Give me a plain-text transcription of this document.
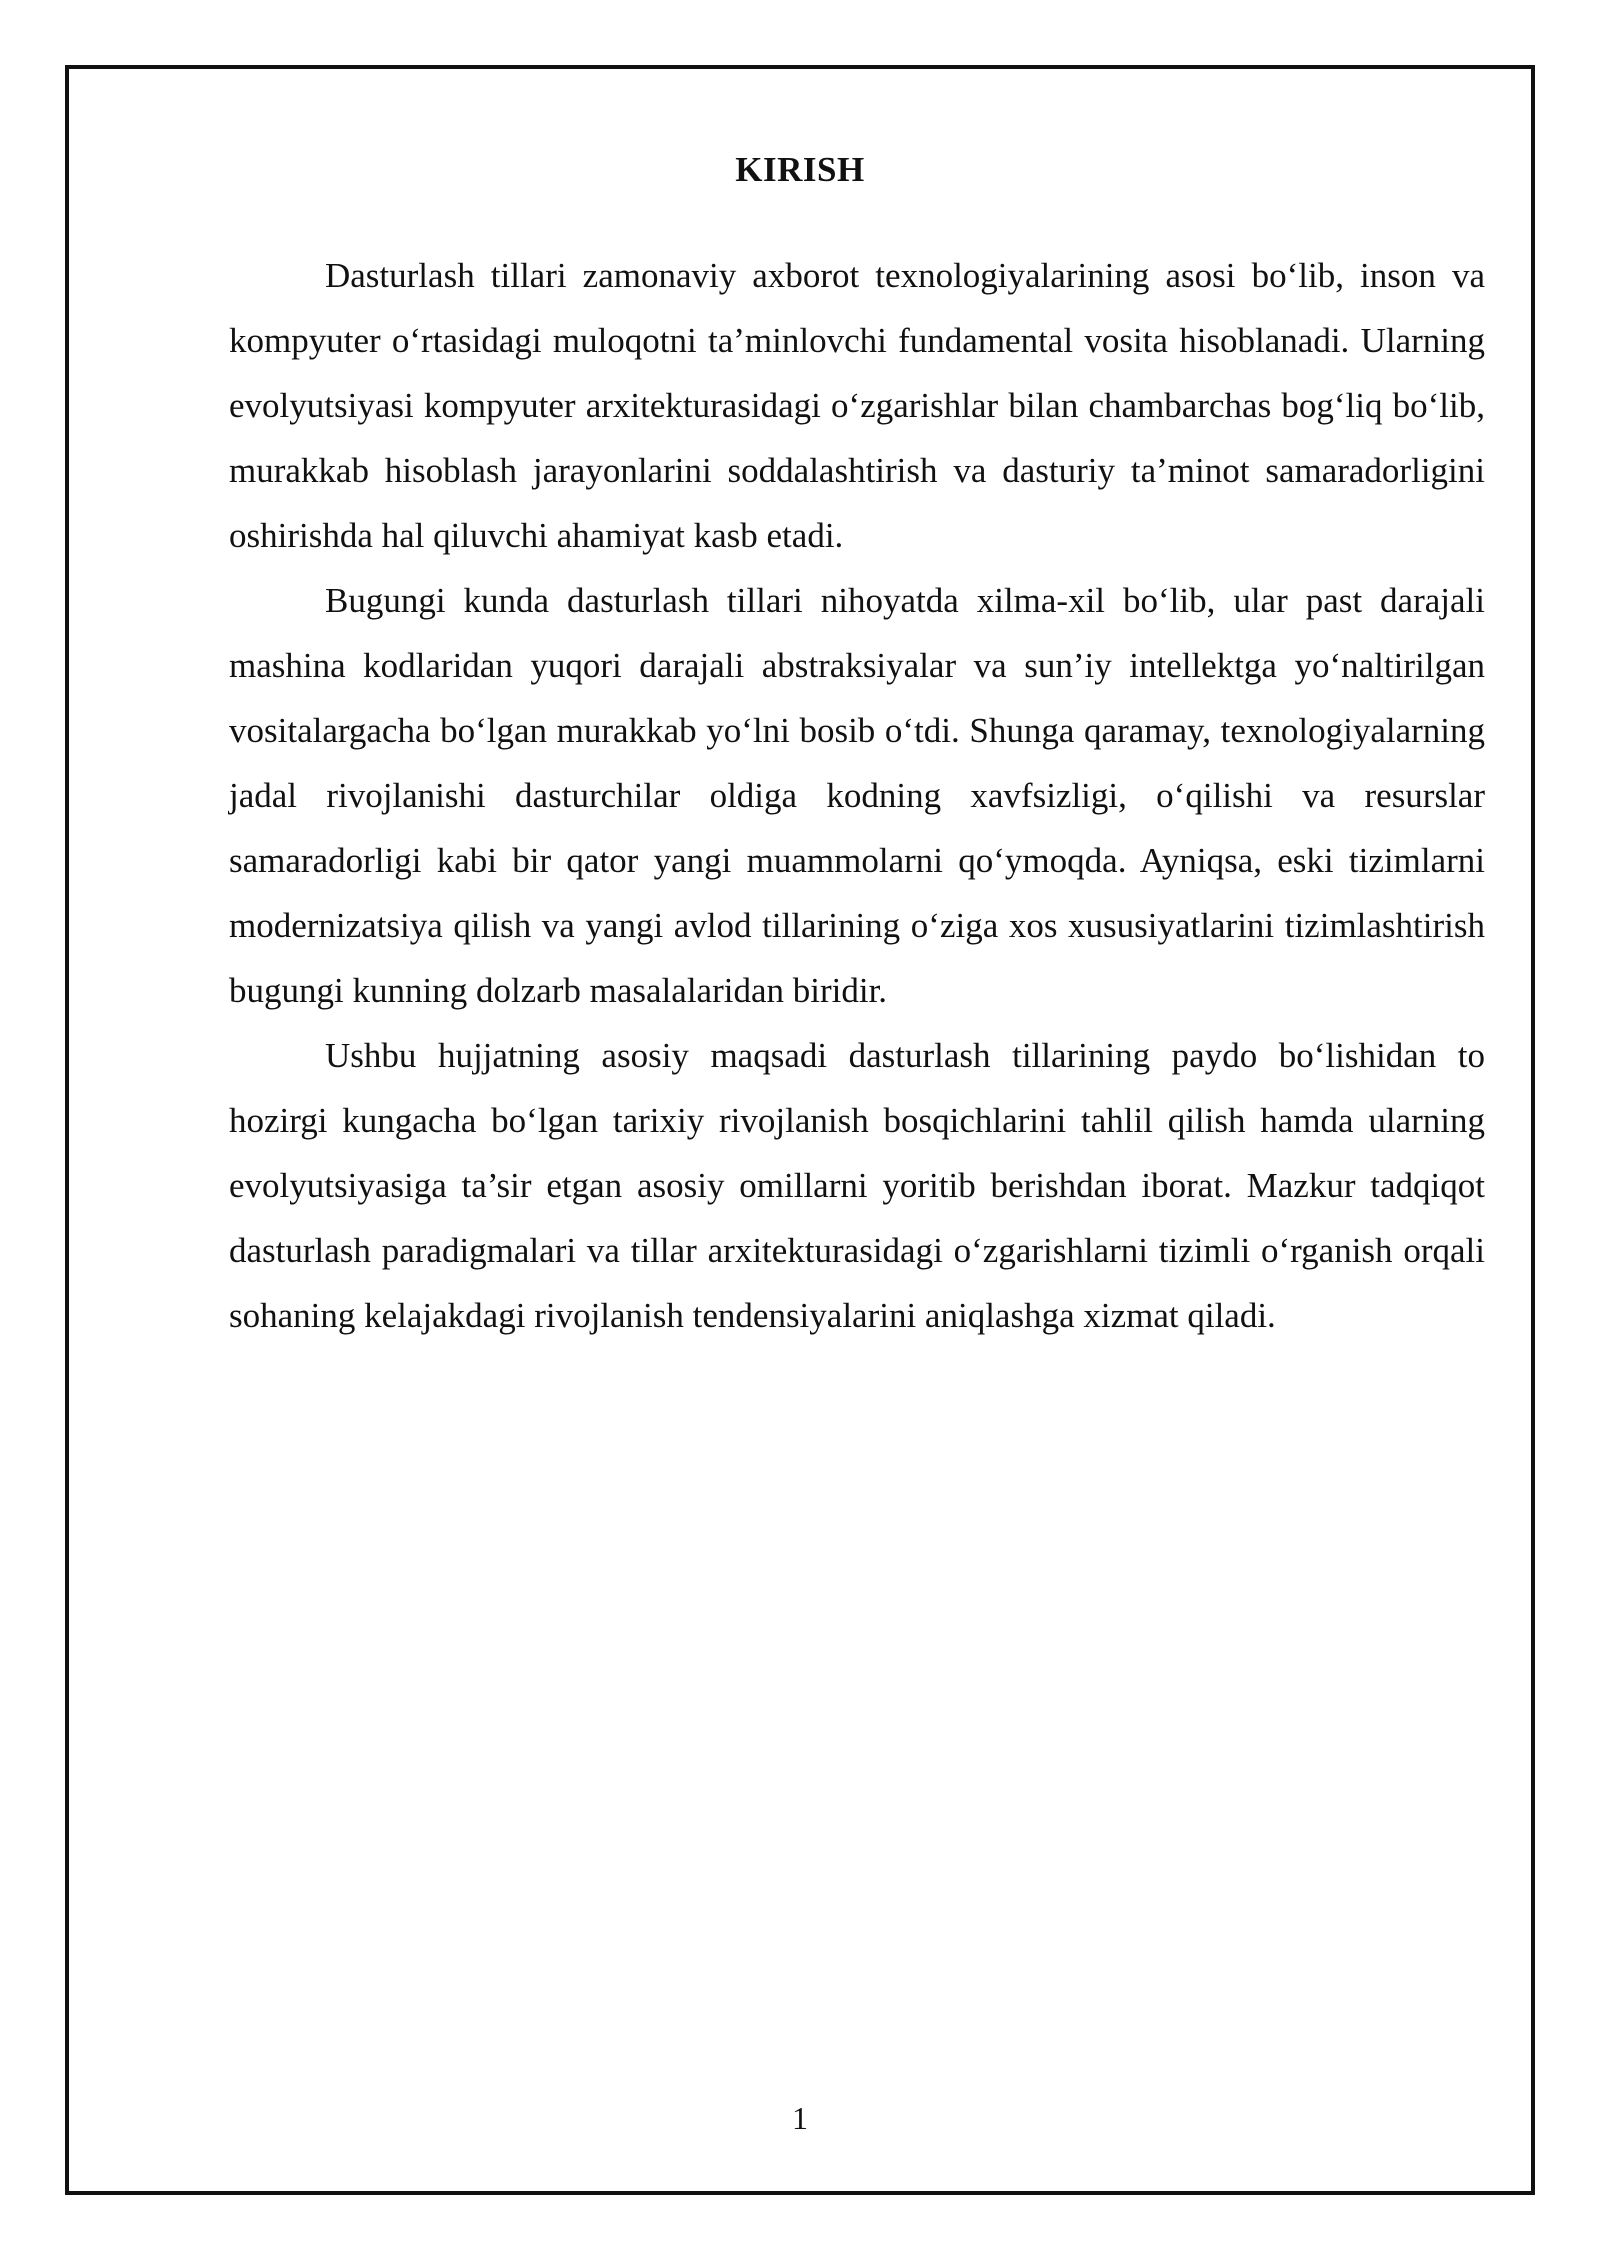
KIRISH

Dasturlash tillari zamonaviy axborot texnologiyalarining asosi bo‘lib, inson va kompyuter o‘rtasidagi muloqotni ta’minlovchi fundamental vosita hisoblanadi. Ularning evolyutsiyasi kompyuter arxitekturasidagi o‘zgarishlar bilan chambarchas bog‘liq bo‘lib, murakkab hisoblash jarayonlarini soddalashtirish va dasturiy ta’minot samaradorligini oshirishda hal qiluvchi ahamiyat kasb etadi.

Bugungi kunda dasturlash tillari nihoyatda xilma-xil bo‘lib, ular past darajali mashina kodlaridan yuqori darajali abstraksiyalar va sun’iy intellektga yo‘naltirilgan vositalargacha bo‘lgan murakkab yo‘lni bosib o‘tdi. Shunga qaramay, texnologiyalarning jadal rivojlanishi dasturchilar oldiga kodning xavfsizligi, o‘qilishi va resurslar samaradorligi kabi bir qator yangi muammolarni qo‘ymoqda. Ayniqsa, eski tizimlarni modernizatsiya qilish va yangi avlod tillarining o‘ziga xos xususiyatlarini tizimlashtirish bugungi kunning dolzarb masalalaridan biridir.

Ushbu hujjatning asosiy maqsadi dasturlash tillarining paydo bo‘lishidan to hozirgi kungacha bo‘lgan tarixiy rivojlanish bosqichlarini tahlil qilish hamda ularning evolyutsiyasiga ta’sir etgan asosiy omillarni yoritib berishdan iborat. Mazkur tadqiqot dasturlash paradigmalari va tillar arxitekturasidagi o‘zgarishlarni tizimli o‘rganish orqali sohaning kelajakdagi rivojlanish tendensiyalarini aniqlashga xizmat qiladi.

1
